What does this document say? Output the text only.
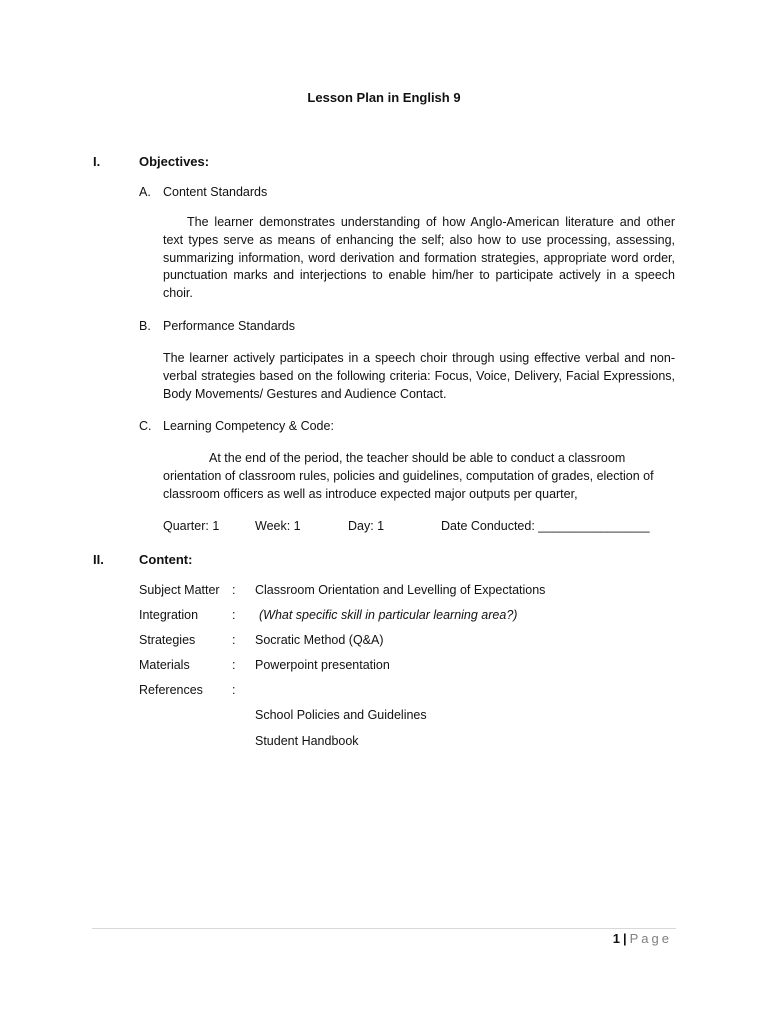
Lesson Plan in English 9
I.	Objectives:
A. Content Standards
The learner demonstrates understanding of how Anglo-American literature and other text types serve as means of enhancing the self; also how to use processing, assessing, summarizing information, word derivation and formation strategies, appropriate word order, punctuation marks and interjections to enable him/her to participate actively in a speech choir.
B. Performance Standards
The learner actively participates in a speech choir through using effective verbal and non-verbal strategies based on the following criteria: Focus, Voice, Delivery, Facial Expressions, Body Movements/ Gestures and Audience Contact.
C. Learning Competency & Code:
At the end of the period, the teacher should be able to conduct a classroom orientation of classroom rules, policies and guidelines, computation of grades, election of classroom officers as well as introduce expected major outputs per quarter,
Quarter: 1	Week: 1	Day: 1	Date Conducted: ________________
II.	Content:
Subject Matter : Classroom Orientation and Levelling of Expectations
Integration	: (What specific skill in particular learning area?)
Strategies	: Socratic Method (Q&A)
Materials	: Powerpoint presentation
References :
School Policies and Guidelines
Student Handbook
1 | Page
